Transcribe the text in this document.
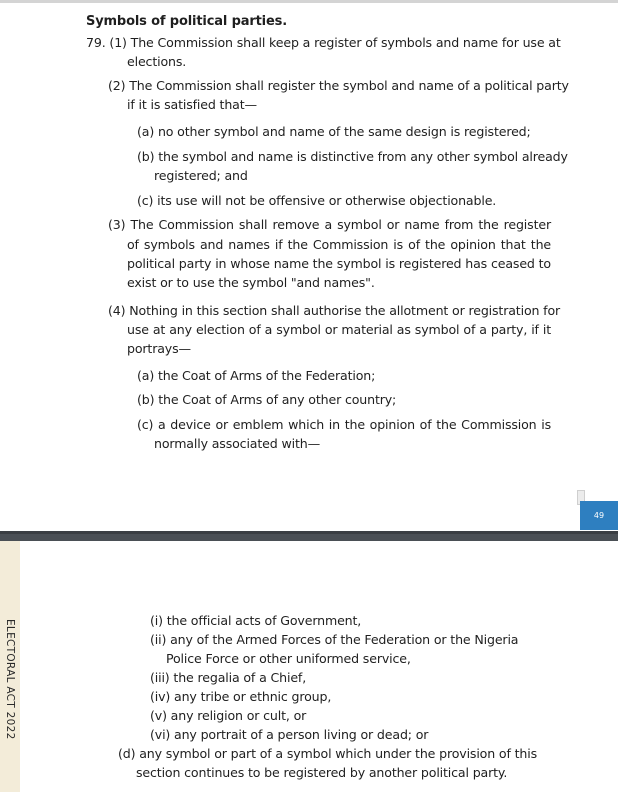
Symbols of political parties.
79. (1) The Commission shall keep a register of symbols and name for use at
elections.
(2) The Commission shall register the symbol and name of a political party
if it is satisfied that—
(a) no other symbol and name of the same design is registered;
(b) the symbol and name is distinctive from any other symbol already
registered; and
(c) its use will not be offensive or otherwise objectionable.
(3) The Commission shall remove a symbol or name from the register
of symbols and names if the Commission is of the opinion that the
political party in whose name the symbol is registered has ceased to
exist or to use the symbol "and names".
(4) Nothing in this section shall authorise the allotment or registration for
use at any election of a symbol or material as symbol of a party, if it
portrays—
(a) the Coat of Arms of the Federation;
(b) the Coat of Arms of any other country;
(c) a device or emblem which in the opinion of the Commission is
normally associated with—
49
ELECTORAL ACT 2022	(i) the official acts of Government,
(ii) any of the Armed Forces of the Federation or the Nigeria
Police Force or other uniformed service,
(iii) the regalia of a Chief,
(iv) any tribe or ethnic group,
(v) any religion or cult, or
(vi) any portrait of a person living or dead; or
(d) any symbol or part of a symbol which under the provision of this
section continues to be registered by another political party.
